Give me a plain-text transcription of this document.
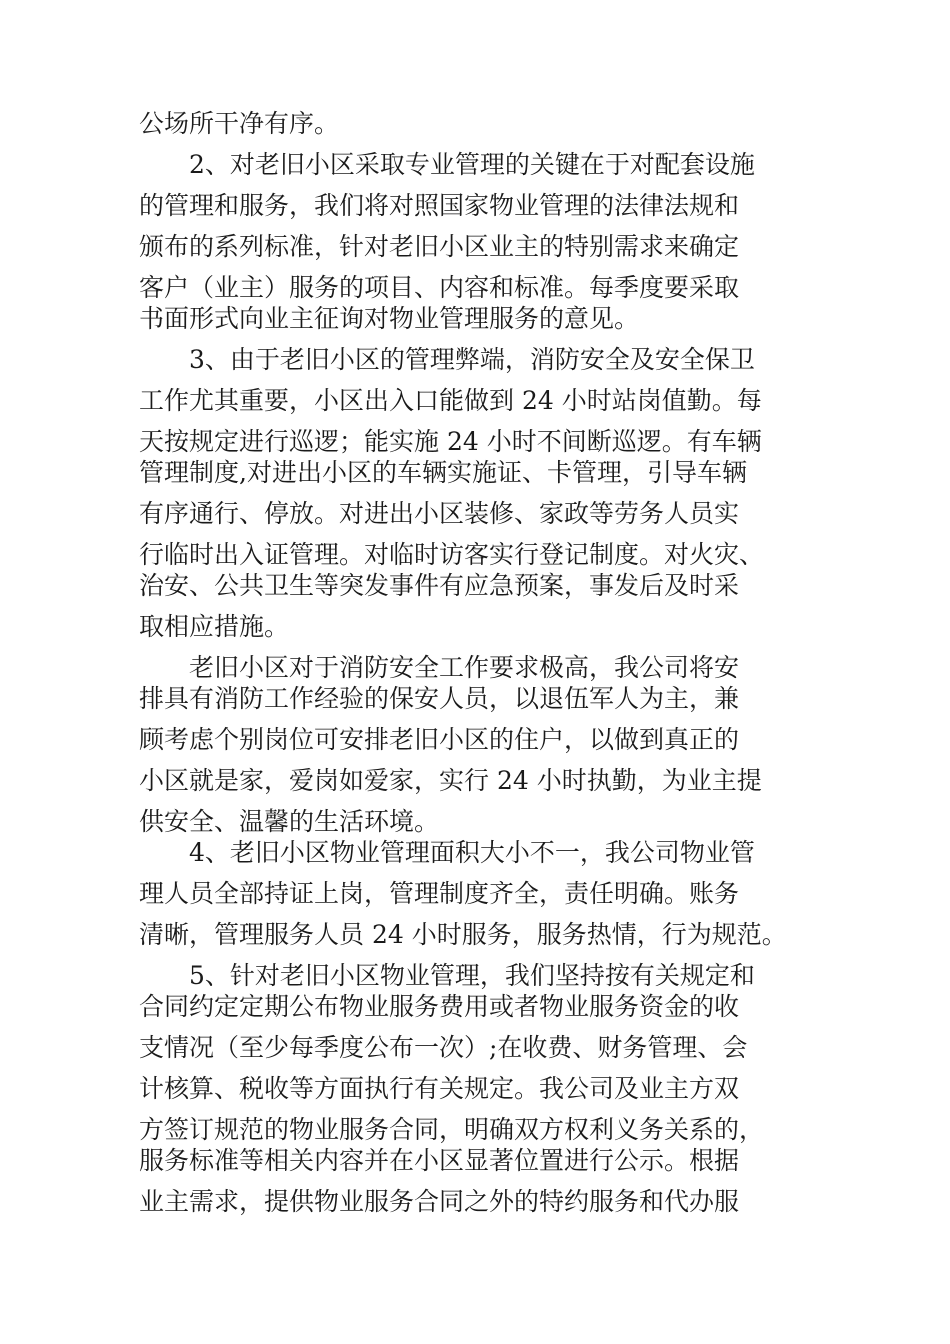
公场所干净有序。
2、对老旧小区采取专业管理的关键在于对配套设施
的管理和服务，我们将对照国家物业管理的法律法规和
颁布的系列标准，针对老旧小区业主的特别需求来确定
客户（业主）服务的项目、内容和标准。每季度要采取
书面形式向业主征询对物业管理服务的意见。
3、由于老旧小区的管理弊端，消防安全及安全保卫
工作尤其重要，小区出入口能做到 24 小时站岗值勤。每
天按规定进行巡逻；能实施 24 小时不间断巡逻。有车辆
管理制度,对进出小区的车辆实施证、卡管理，引导车辆
有序通行、停放。对进出小区装修、家政等劳务人员实
行临时出入证管理。对临时访客实行登记制度。对火灾、
治安、公共卫生等突发事件有应急预案，事发后及时采
取相应措施。
老旧小区对于消防安全工作要求极高，我公司将安
排具有消防工作经验的保安人员，以退伍军人为主，兼
顾考虑个别岗位可安排老旧小区的住户，以做到真正的
小区就是家，爱岗如爱家，实行 24 小时执勤，为业主提
供安全、温馨的生活环境。
4、老旧小区物业管理面积大小不一，我公司物业管
理人员全部持证上岗，管理制度齐全，责任明确。账务
清晰，管理服务人员 24 小时服务，服务热情，行为规范。
5、针对老旧小区物业管理，我们坚持按有关规定和
合同约定定期公布物业服务费用或者物业服务资金的收
支情况（至少每季度公布一次）;在收费、财务管理、会
计核算、税收等方面执行有关规定。我公司及业主方双
方签订规范的物业服务合同，明确双方权利义务关系的，
服务标准等相关内容并在小区显著位置进行公示。根据
业主需求，提供物业服务合同之外的特约服务和代办服
